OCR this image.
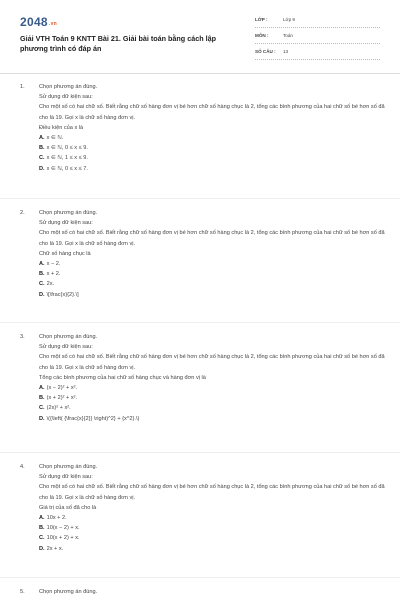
2048.vn
Giải VTH Toán 9 KNTT Bài 21. Giải bài toán bằng cách lập phương trình có đáp án
LỚP :	Lớp 9
MÔN :	Toán
SỐ CÂU : 13
1.	Chọn phương án đúng.
Sử dụng dữ kiện sau:
Cho một số có hai chữ số. Biết rằng chữ số hàng đơn vị bé hơn chữ số hàng chục là 2, tổng các bình phương của hai chữ số bé hơn số đã cho là 19. Gọi x là chữ số hàng đơn vị.
Điều kiện của x là
A. x ∈ ℕ.
B. x ∈ ℕ, 0 ≤ x ≤ 9.
C. x ∈ ℕ, 1 ≤ x ≤ 9.
D. x ∈ ℕ, 0 ≤ x ≤ 7.
2.	Chọn phương án đúng.
Sử dụng dữ kiện sau:
Cho một số có hai chữ số. Biết rằng chữ số hàng đơn vị bé hơn chữ số hàng chục là 2, tổng các bình phương của hai chữ số bé hơn số đã cho là 19. Gọi x là chữ số hàng đơn vị.
Chữ số hàng chục là
A. x − 2.
B. x + 2.
C. 2x.
D. \[\frac{x}{2}.\]
3.	Chọn phương án đúng.
Sử dụng dữ kiện sau:
Cho một số có hai chữ số. Biết rằng chữ số hàng đơn vị bé hơn chữ số hàng chục là 2, tổng các bình phương của hai chữ số bé hơn số đã cho là 19. Gọi x là chữ số hàng đơn vị.
Tổng các bình phương của hai chữ số hàng chục và hàng đơn vị là
A. (x − 2)² + x².
B. (x + 2)² + x².
C. (2x)² + x².
D. \({\left( {\frac{x}{2}} \right)^2} + {x^2}.\)
4.	Chọn phương án đúng.
Sử dụng dữ kiện sau:
Cho một số có hai chữ số. Biết rằng chữ số hàng đơn vị bé hơn chữ số hàng chục là 2, tổng các bình phương của hai chữ số bé hơn số đã cho là 19. Gọi x là chữ số hàng đơn vị.
Giá trị của số đã cho là
A. 10x + 2.
B. 10(x − 2) + x.
C. 10(x + 2) + x.
D. 2x + x.
5.	Chọn phương án đúng.
